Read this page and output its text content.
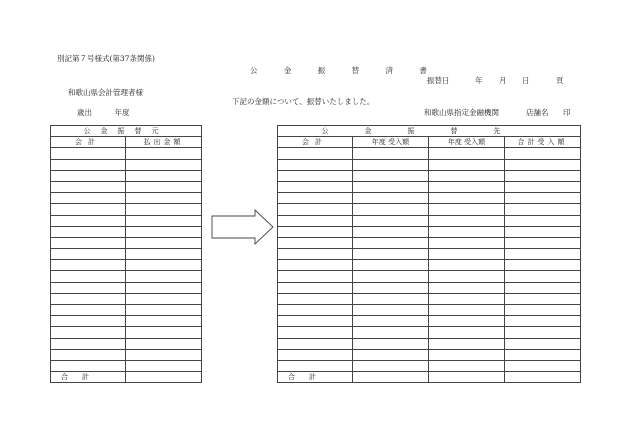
別記第７号様式(第37条関係)
公 金 振 替 済 書
振替日	年 月 日	頁
和歌山県会計管理者様
歳出　　　年度
下記の金額について、振替いたしました。
和歌山県指定金融機関	店舗名 印
公金振替元	
会計	払出金額

合計	
公金振替先			
会計	年度 受入額	年度 受入額	合計受入額

合計			
